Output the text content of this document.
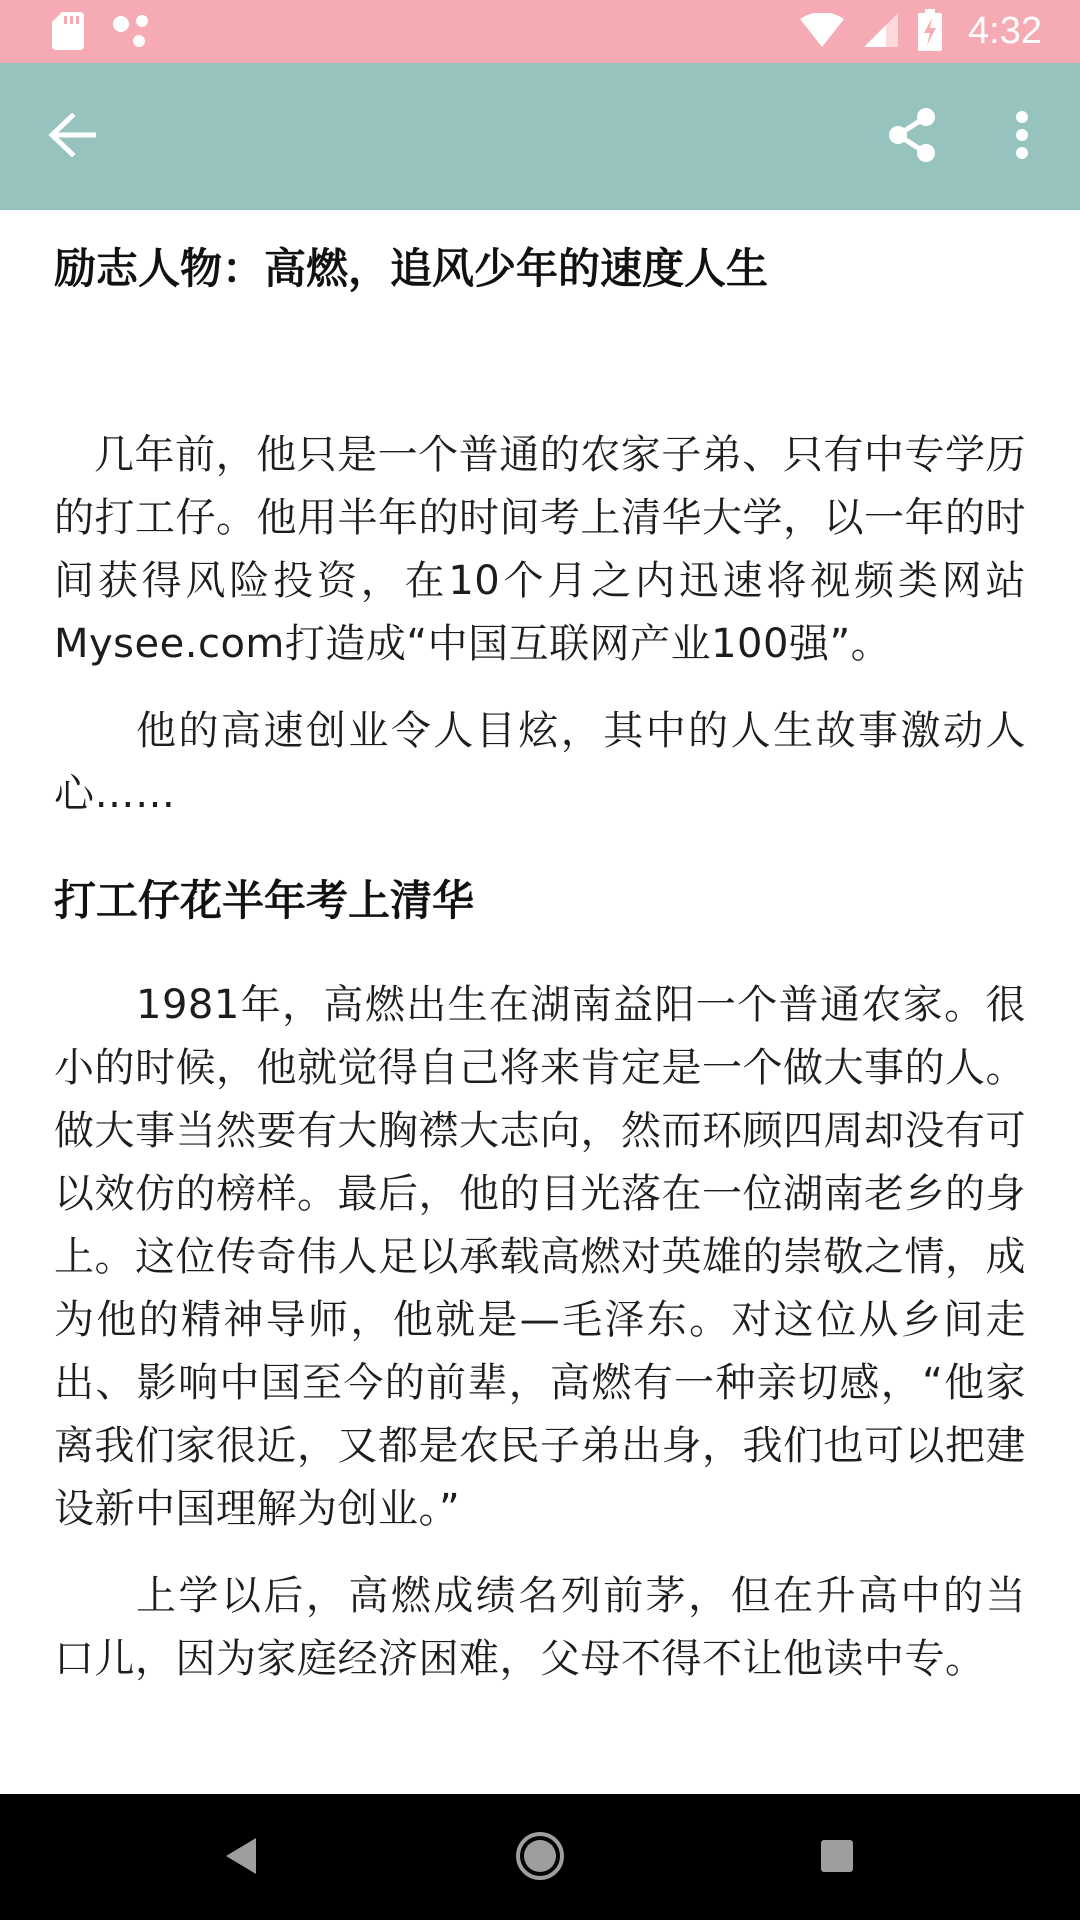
4:32
励志人物：高燃，追风少年的速度人生

几年前，他只是一个普通的农家子弟、只有中专学历的打工仔。他用半年的时间考上清华大学，以一年的时间获得风险投资，在10个月之内迅速将视频类网站Mysee.com打造成“中国互联网产业100强”。

他的高速创业令人目炫，其中的人生故事激动人心……

打工仔花半年考上清华

1981年，高燃出生在湖南益阳一个普通农家。很小的时候，他就觉得自己将来肯定是一个做大事的人。做大事当然要有大胸襟大志向，然而环顾四周却没有可以效仿的榜样。最后，他的目光落在一位湖南老乡的身上。这位传奇伟人足以承载高燃对英雄的崇敬之情，成为他的精神导师，他就是—毛泽东。对这位从乡间走出、影响中国至今的前辈，高燃有一种亲切感，“他家离我们家很近，又都是农民子弟出身，我们也可以把建设新中国理解为创业。”

上学以后，高燃成绩名列前茅，但在升高中的当口儿，因为家庭经济困难，父母不得不让他读中专。
